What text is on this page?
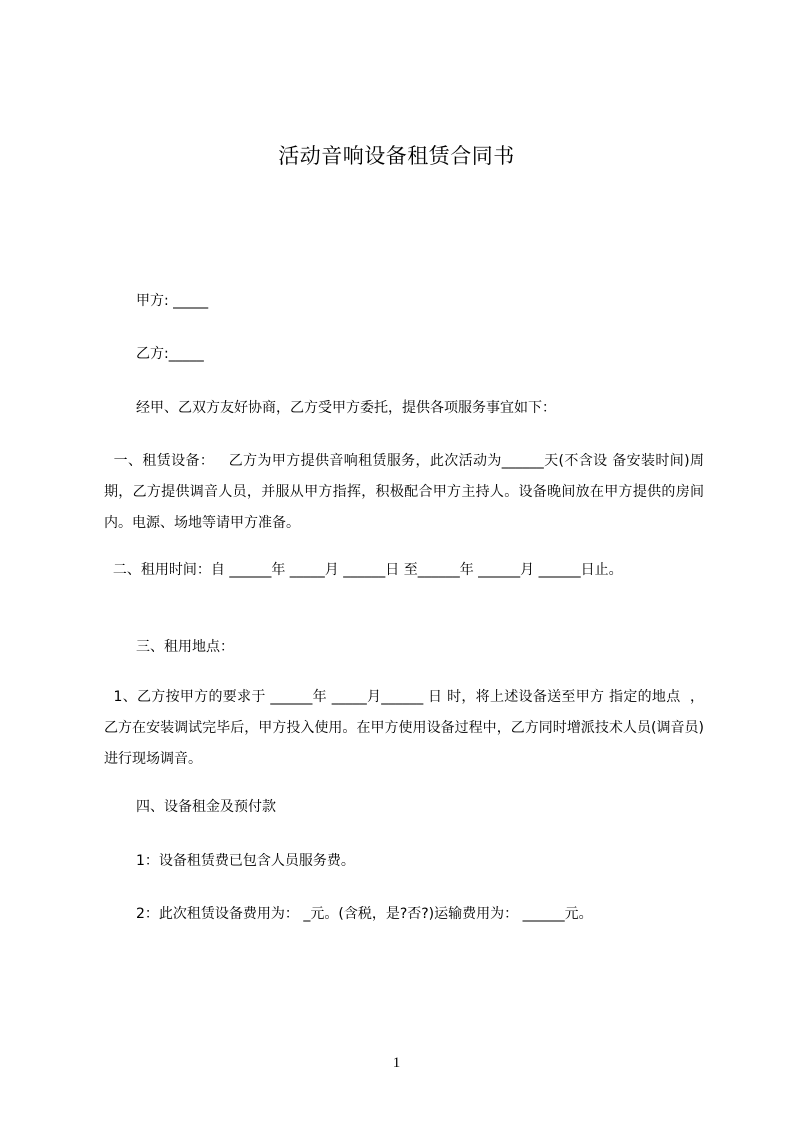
活动音响设备租赁合同书
甲方: _____
乙方:_____
经甲、乙双方友好协商，乙方受甲方委托，提供各项服务事宜如下：
一、租赁设备：   乙方为甲方提供音响租赁服务，此次活动为______天(不含设 备安装时间)周期，乙方提供调音人员，并服从甲方指挥，积极配合甲方主持人。设备晚间放在甲方提供的房间内。电源、场地等请甲方准备。
二、租用时间：自 ______年 _____月 ______日 至______年 ______月 ______日止。
三、租用地点：
1、乙方按甲方的要求于 ______年 _____月______ 日 时，将上述设备送至甲方 指定的地点  ，乙方在安装调试完毕后，甲方投入使用。在甲方使用设备过程中，乙方同时增派技术人员(调音员)进行现场调音。
四、设备租金及预付款
1：设备租赁费已包含人员服务费。
2：此次租赁设备费用为： _元。(含税，是?否?)运输费用为： ______元。
1
